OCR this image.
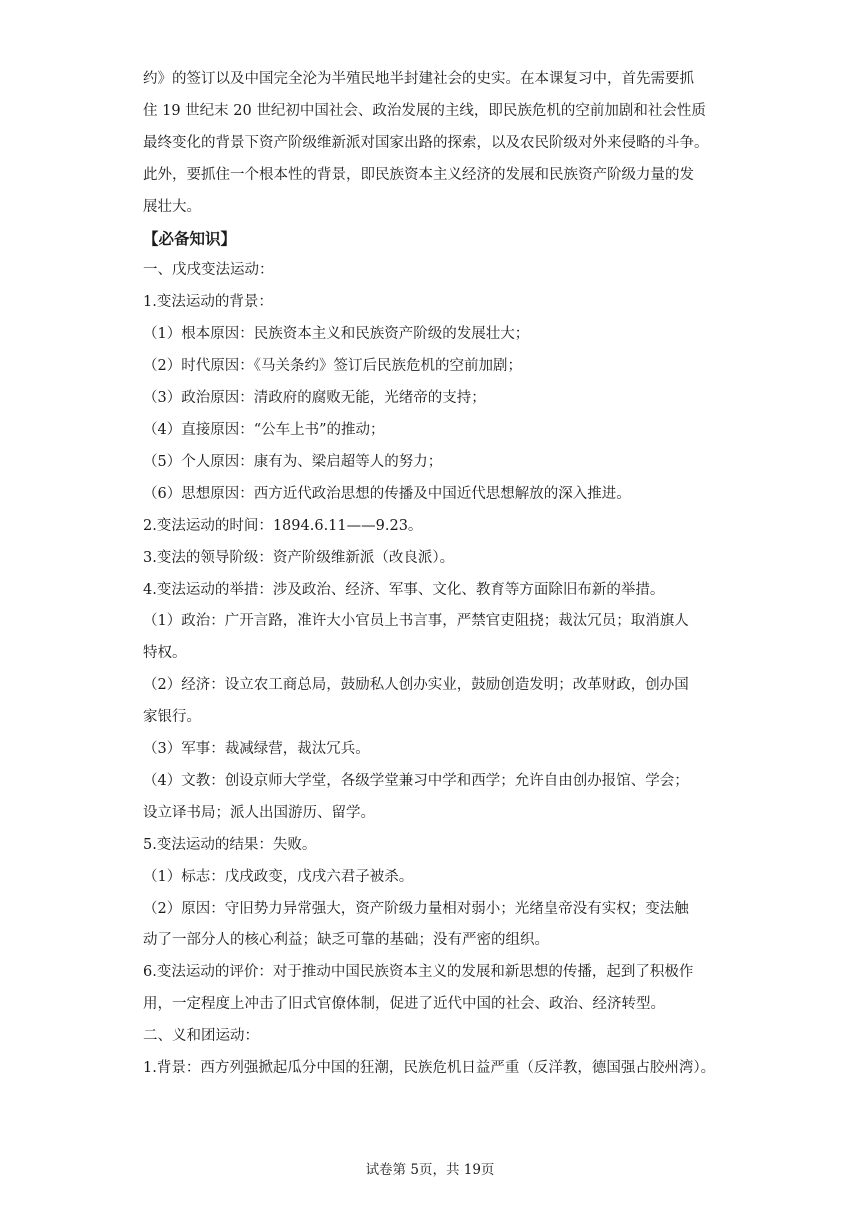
约》的签订以及中国完全沦为半殖民地半封建社会的史实。在本课复习中，首先需要抓
住 19 世纪末 20 世纪初中国社会、政治发展的主线，即民族危机的空前加剧和社会性质
最终变化的背景下资产阶级维新派对国家出路的探索，以及农民阶级对外来侵略的斗争。
此外，要抓住一个根本性的背景，即民族资本主义经济的发展和民族资产阶级力量的发
展壮大。
【必备知识】
一、戊戌变法运动：
1.变法运动的背景：
（1）根本原因：民族资本主义和民族资产阶级的发展壮大；
（2）时代原因：《马关条约》签订后民族危机的空前加剧；
（3）政治原因：清政府的腐败无能，光绪帝的支持；
（4）直接原因：“公车上书”的推动；
（5）个人原因：康有为、梁启超等人的努力；
（6）思想原因：西方近代政治思想的传播及中国近代思想解放的深入推进。
2.变法运动的时间：1894.6.11——9.23。
3.变法的领导阶级：资产阶级维新派（改良派）。
4.变法运动的举措：涉及政治、经济、军事、文化、教育等方面除旧布新的举措。
（1）政治：广开言路，准许大小官员上书言事，严禁官吏阻挠；裁汰冗员；取消旗人
特权。
（2）经济：设立农工商总局，鼓励私人创办实业，鼓励创造发明；改革财政，创办国
家银行。
（3）军事：裁减绿营，裁汰冗兵。
（4）文教：创设京师大学堂，各级学堂兼习中学和西学；允许自由创办报馆、学会；
设立译书局；派人出国游历、留学。
5.变法运动的结果：失败。
（1）标志：戊戌政变，戊戌六君子被杀。
（2）原因：守旧势力异常强大，资产阶级力量相对弱小；光绪皇帝没有实权；变法触
动了一部分人的核心利益；缺乏可靠的基础；没有严密的组织。
6.变法运动的评价：对于推动中国民族资本主义的发展和新思想的传播，起到了积极作
用，一定程度上冲击了旧式官僚体制，促进了近代中国的社会、政治、经济转型。
二、义和团运动：
1.背景：西方列强掀起瓜分中国的狂潮，民族危机日益严重（反洋教，德国强占胶州湾）。
试卷第 5页，共 19页
